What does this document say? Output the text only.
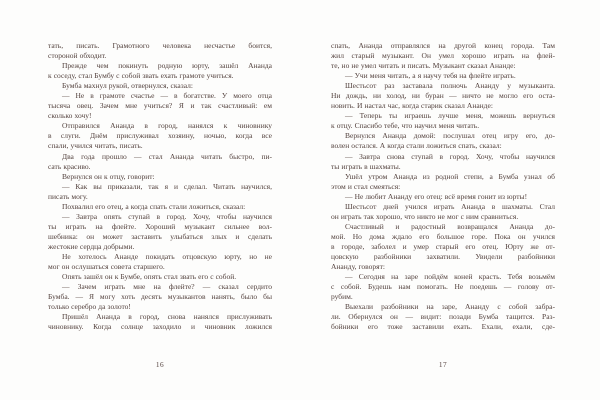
тать, писать. Грамотного человека несчастье боится,
стороной обходит.
Прежде чем покинуть родную юрту, зашёл Ананда
к соседу, стал Бумбу с собой звать ехать грамоте учиться.
Бумба махнул рукой, отвернулся, сказал:
— Не в грамоте счастье — в богатстве. У моего отца
тысяча овец. Зачем мне учиться? Я и так счастливый: ем
сколько хочу!
Отправился Ананда в город, нанялся к чиновнику
в слуги. Днём прислуживал хозяину, ночью, когда все
спали, учился читать, писать.
Два года прошло — стал Ананда читать быстро, пи-
сать красиво.
Вернулся он к отцу, говорит:
— Как вы приказали, так я и сделал. Читать научился,
писать могу.
Похвалил его отец, а когда спать стали ложиться, сказал:
— Завтра опять ступай в город. Хочу, чтобы научился
ты играть на флейте. Хороший музыкант сильнее вол-
шебника: он может заставить улыбаться злых и сделать
жестокие сердца добрыми.
Не хотелось Ананде покидать отцовскую юрту, но не
мог он ослушаться совета старшего.
Опять зашёл он к Бумбе, опять стал звать его с собой.
— Зачем играть мне на флейте? — сказал сердито
Бумба. — Я могу хоть десять музыкантов нанять, было бы
только серебро да золото!
Пришёл Ананда в город, снова нанялся прислуживать
чиновнику. Когда солнце заходило и чиновник ложился
16
спать, Ананда отправлялся на другой конец города. Там
жил старый музыкант. Он умел хорошо играть на флей-
те, но не умел читать и писать. Музыкант сказал Ананде:
— Учи меня читать, а я научу тебя на флейте играть.
Шестьсот раз заставала полночь Ананду у музыканта.
Ни дождь, ни холод, ни буран — ничто не могло его оста-
новить. И настал час, когда старик сказал Ананде:
— Теперь ты играешь лучше меня, можешь вернуться
к отцу. Спасибо тебе, что научил меня читать.
Вернулся Ананда домой: послушал отец игру его, до-
волен остался. А когда стали ложиться спать, сказал:
— Завтра снова ступай в город. Хочу, чтобы научился
ты играть в шахматы.
Ушёл утром Ананда из родной степи, а Бумба узнал об
этом и стал смеяться:
— Не любит Ананду его отец: всё время гонит из юрты!
Шестьсот дней учился играть Ананда в шахматы. Стал
он играть так хорошо, что никто не мог с ним сравниться.
Счастливый и радостный возвращался Ананда до-
мой. Но дома ждало его большое горе. Пока он учился
в городе, заболел и умер старый его отец. Юрту же от-
цовскую разбойники захватили. Увидели разбойники
Ананду, говорят:
— Сегодня на заре пойдём коней красть. Тебя возьмём
с собой. Будешь нам помогать. Не поедешь — голову от-
рубим.
Выехали разбойники на заре, Ананду с собой забра-
ли. Обернулся он — видит: позади Бумба тащится. Раз-
бойники его тоже заставили ехать. Ехали, ехали, сде-
17
